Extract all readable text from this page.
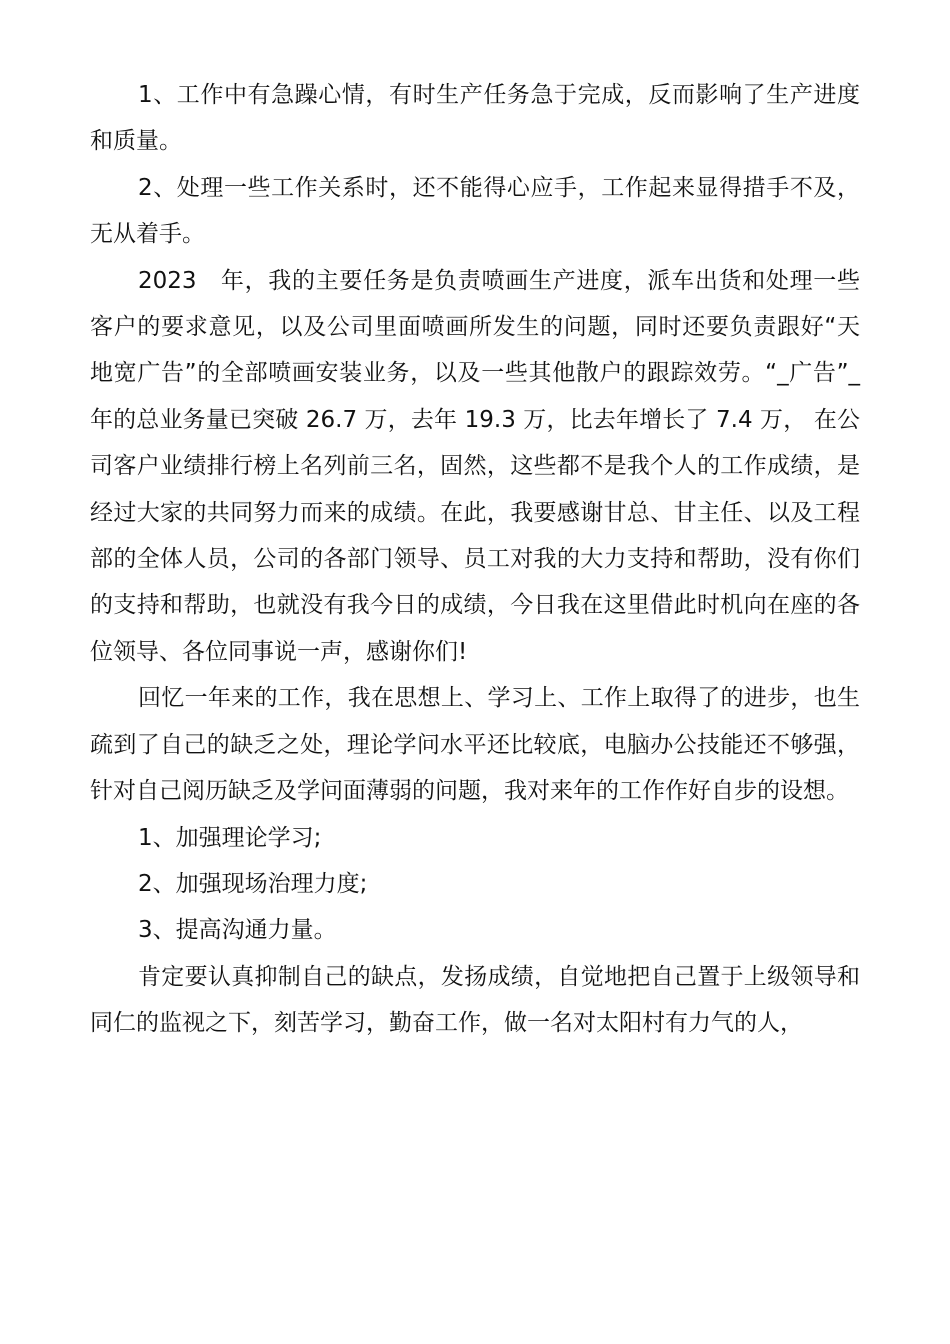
1、工作中有急躁心情，有时生产任务急于完成，反而影响了生产进度和质量。

2、处理一些工作关系时，还不能得心应手，工作起来显得措手不及，无从着手。

2023　年，我的主要任务是负责喷画生产进度，派车出货和处理一些客户的要求意见，以及公司里面喷画所发生的问题，同时还要负责跟好“天地宽广告”的全部喷画安装业务，以及一些其他散户的跟踪效劳。“_广告”_年的总业务量已突破 26.7 万，去年 19.3 万，比去年增长了 7.4 万， 在公司客户业绩排行榜上名列前三名，固然，这些都不是我个人的工作成绩，是经过大家的共同努力而来的成绩。在此，我要感谢甘总、甘主任、以及工程部的全体人员，公司的各部门领导、员工对我的大力支持和帮助，没有你们的支持和帮助，也就没有我今日的成绩，今日我在这里借此时机向在座的各位领导、各位同事说一声，感谢你们!

回忆一年来的工作，我在思想上、学习上、工作上取得了的进步，也生疏到了自己的缺乏之处，理论学问水平还比较底，电脑办公技能还不够强，针对自己阅历缺乏及学问面薄弱的问题，我对来年的工作作好自步的设想。

1、加强理论学习;

2、加强现场治理力度;

3、提高沟通力量。

肯定要认真抑制自己的缺点，发扬成绩，自觉地把自己置于上级领导和同仁的监视之下，刻苦学习，勤奋工作，做一名对太阳村有力气的人，
